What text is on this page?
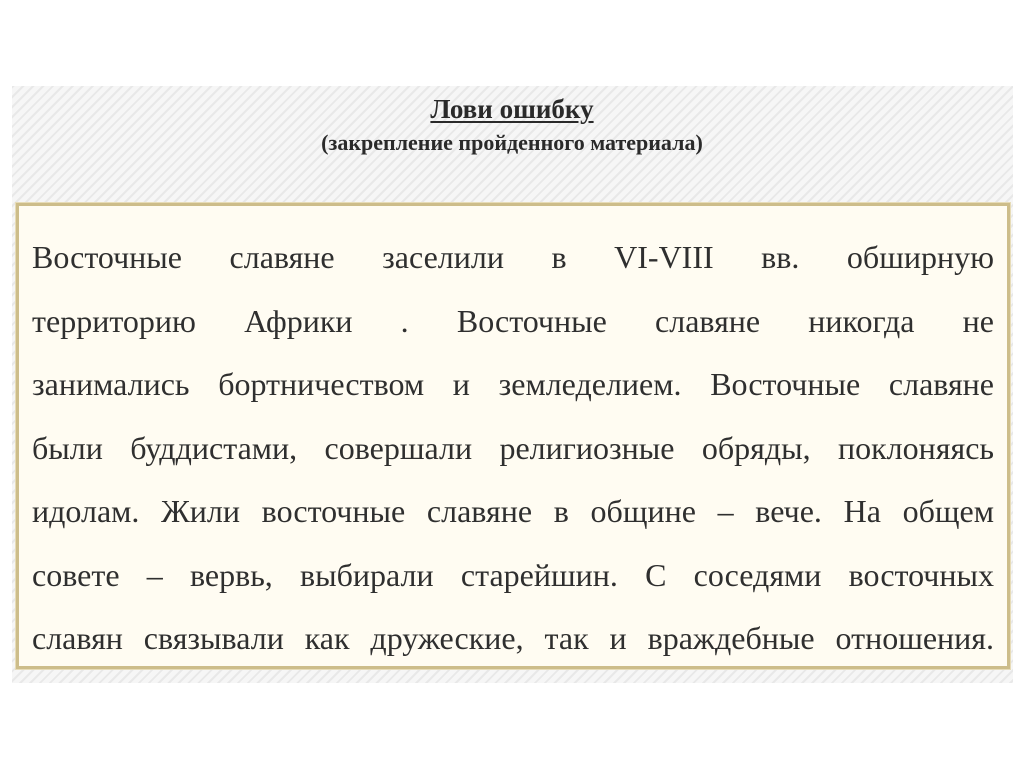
Лови ошибку
(закрепление пройденного материала)
Восточные славяне заселили в VI-VIII вв. обширную
территорию Африки . Восточные славяне никогда не
занимались бортничеством и земледелием. Восточные славяне
были буддистами, совершали религиозные обряды, поклоняясь
идолам. Жили восточные славяне в общине – вече. На общем
совете – вервь, выбирали старейшин. С соседями восточных
славян связывали как дружеские, так и враждебные отношения.
